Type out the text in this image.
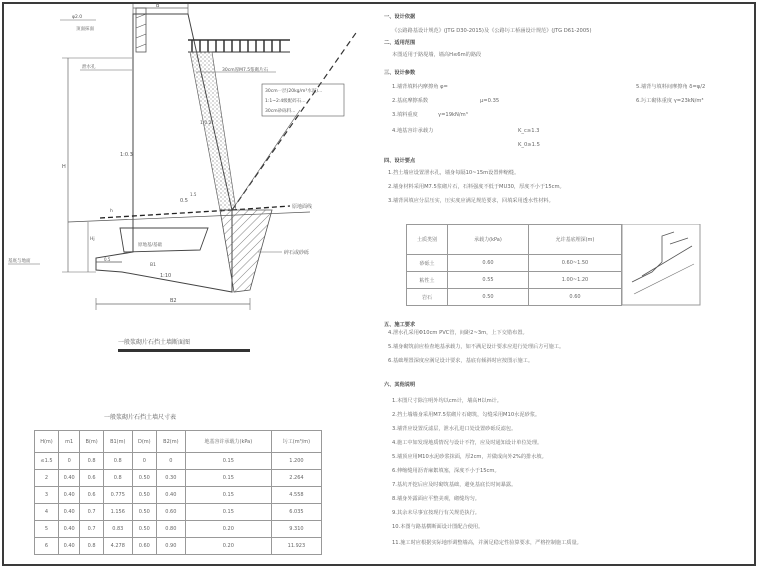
B
30cm厚M7.5浆砌片石
30cm一层(20kg/m³水泥)...
1:1~2:4级配碎石...
30cm砂砾料...
原地面线
碎石或砂砾
原地基/基础
0.5
1:10
1:0.3
0.5
H
Hj
φ2.0
顶面抹面
泄水孔
基底与地面
B2
一般浆砌片石挡土墙断面图
一般浆砌片石挡土墙尺寸表
H(m)	m1	B(m)	B1(m)	D(m)	B2(m)	地基容许承载力(kPa)	圬工(m³/m)
≤1.5	0	0.8	0.8	0	0	0.15	1.200
2	0.40	0.6	0.8	0.50	0.30	0.15	2.264
3	0.40	0.6	0.775	0.50	0.40	0.15	4.558
4	0.40	0.7	1.156	0.50	0.60	0.15	6.035
5	0.40	0.7	0.83	0.50	0.80	0.20	9.310
6	0.40	0.8	4.278	0.60	0.90	0.20	11.923
一、设计依据
《公路路基设计规范》(JTG D30-2015)及《公路圬工桥涵设计规范》(JTG D61-2005)
二、适用范围
本图适用于路堤墙，墙高H≤6m的路段
三、设计参数
1.墙背填料内摩擦角 φ=
2.基底摩擦系数	μ=0.35
3.填料重度	γ=19kN/m³
4.地基容许承载力	K_c≥1.3
K_0≥1.5
5.墙背与填料间摩擦角 δ=φ/2
6.圬工砌体重度 γ=23kN/m³
四、设计要点
1.挡土墙应设置泄水孔，墙身每隔10~15m设置伸缩缝。
2.墙身材料采用M7.5浆砌片石，石料强度不低于MU30，厚度不小于15cm。
3.墙背回填应分层压实，压实度应满足规范要求，回填采用透水性材料。
土质类别	承载力(kPa)	允许基底埋深(m)
砂砾土	0.60	0.60~1.50
粘性土	0.55	1.00~1.20
岩石	0.50	0.60
五、施工要求
4.泄水孔采用Φ10cm PVC管，间距2~3m，上下交错布置。
5.墙身砌筑前应检查地基承载力，如不满足设计要求应进行处理后方可施工。
6.基础埋置深度应满足设计要求，基底有倾斜时应按图示施工。
六、其他说明
1.本图尺寸除注明外均以cm计，墙高H以m计。
2.挡土墙墙身采用M7.5浆砌片石砌筑，勾缝采用M10水泥砂浆。
3.墙背应设置反滤层，泄水孔进口处设置砂砾反滤包。
4.施工中如发现地质情况与设计不符，应及时通知设计单位处理。
5.墙顶应用M10水泥砂浆抹面，厚2cm，并做成向外2%的排水坡。
6.伸缩缝用沥青麻絮填塞，深度不小于15cm。
7.基坑开挖后应及时砌筑基础，避免基底长时间暴露。
8.墙身外露面应平整美观，砌缝均匀。
9.其余未尽事宜按现行有关规范执行。
10.本图与路基横断面设计图配合使用。
11.施工时应根据实际地形调整墙高，并满足稳定性验算要求，严格控制施工质量。
1:0.2
B1
h
1.5
